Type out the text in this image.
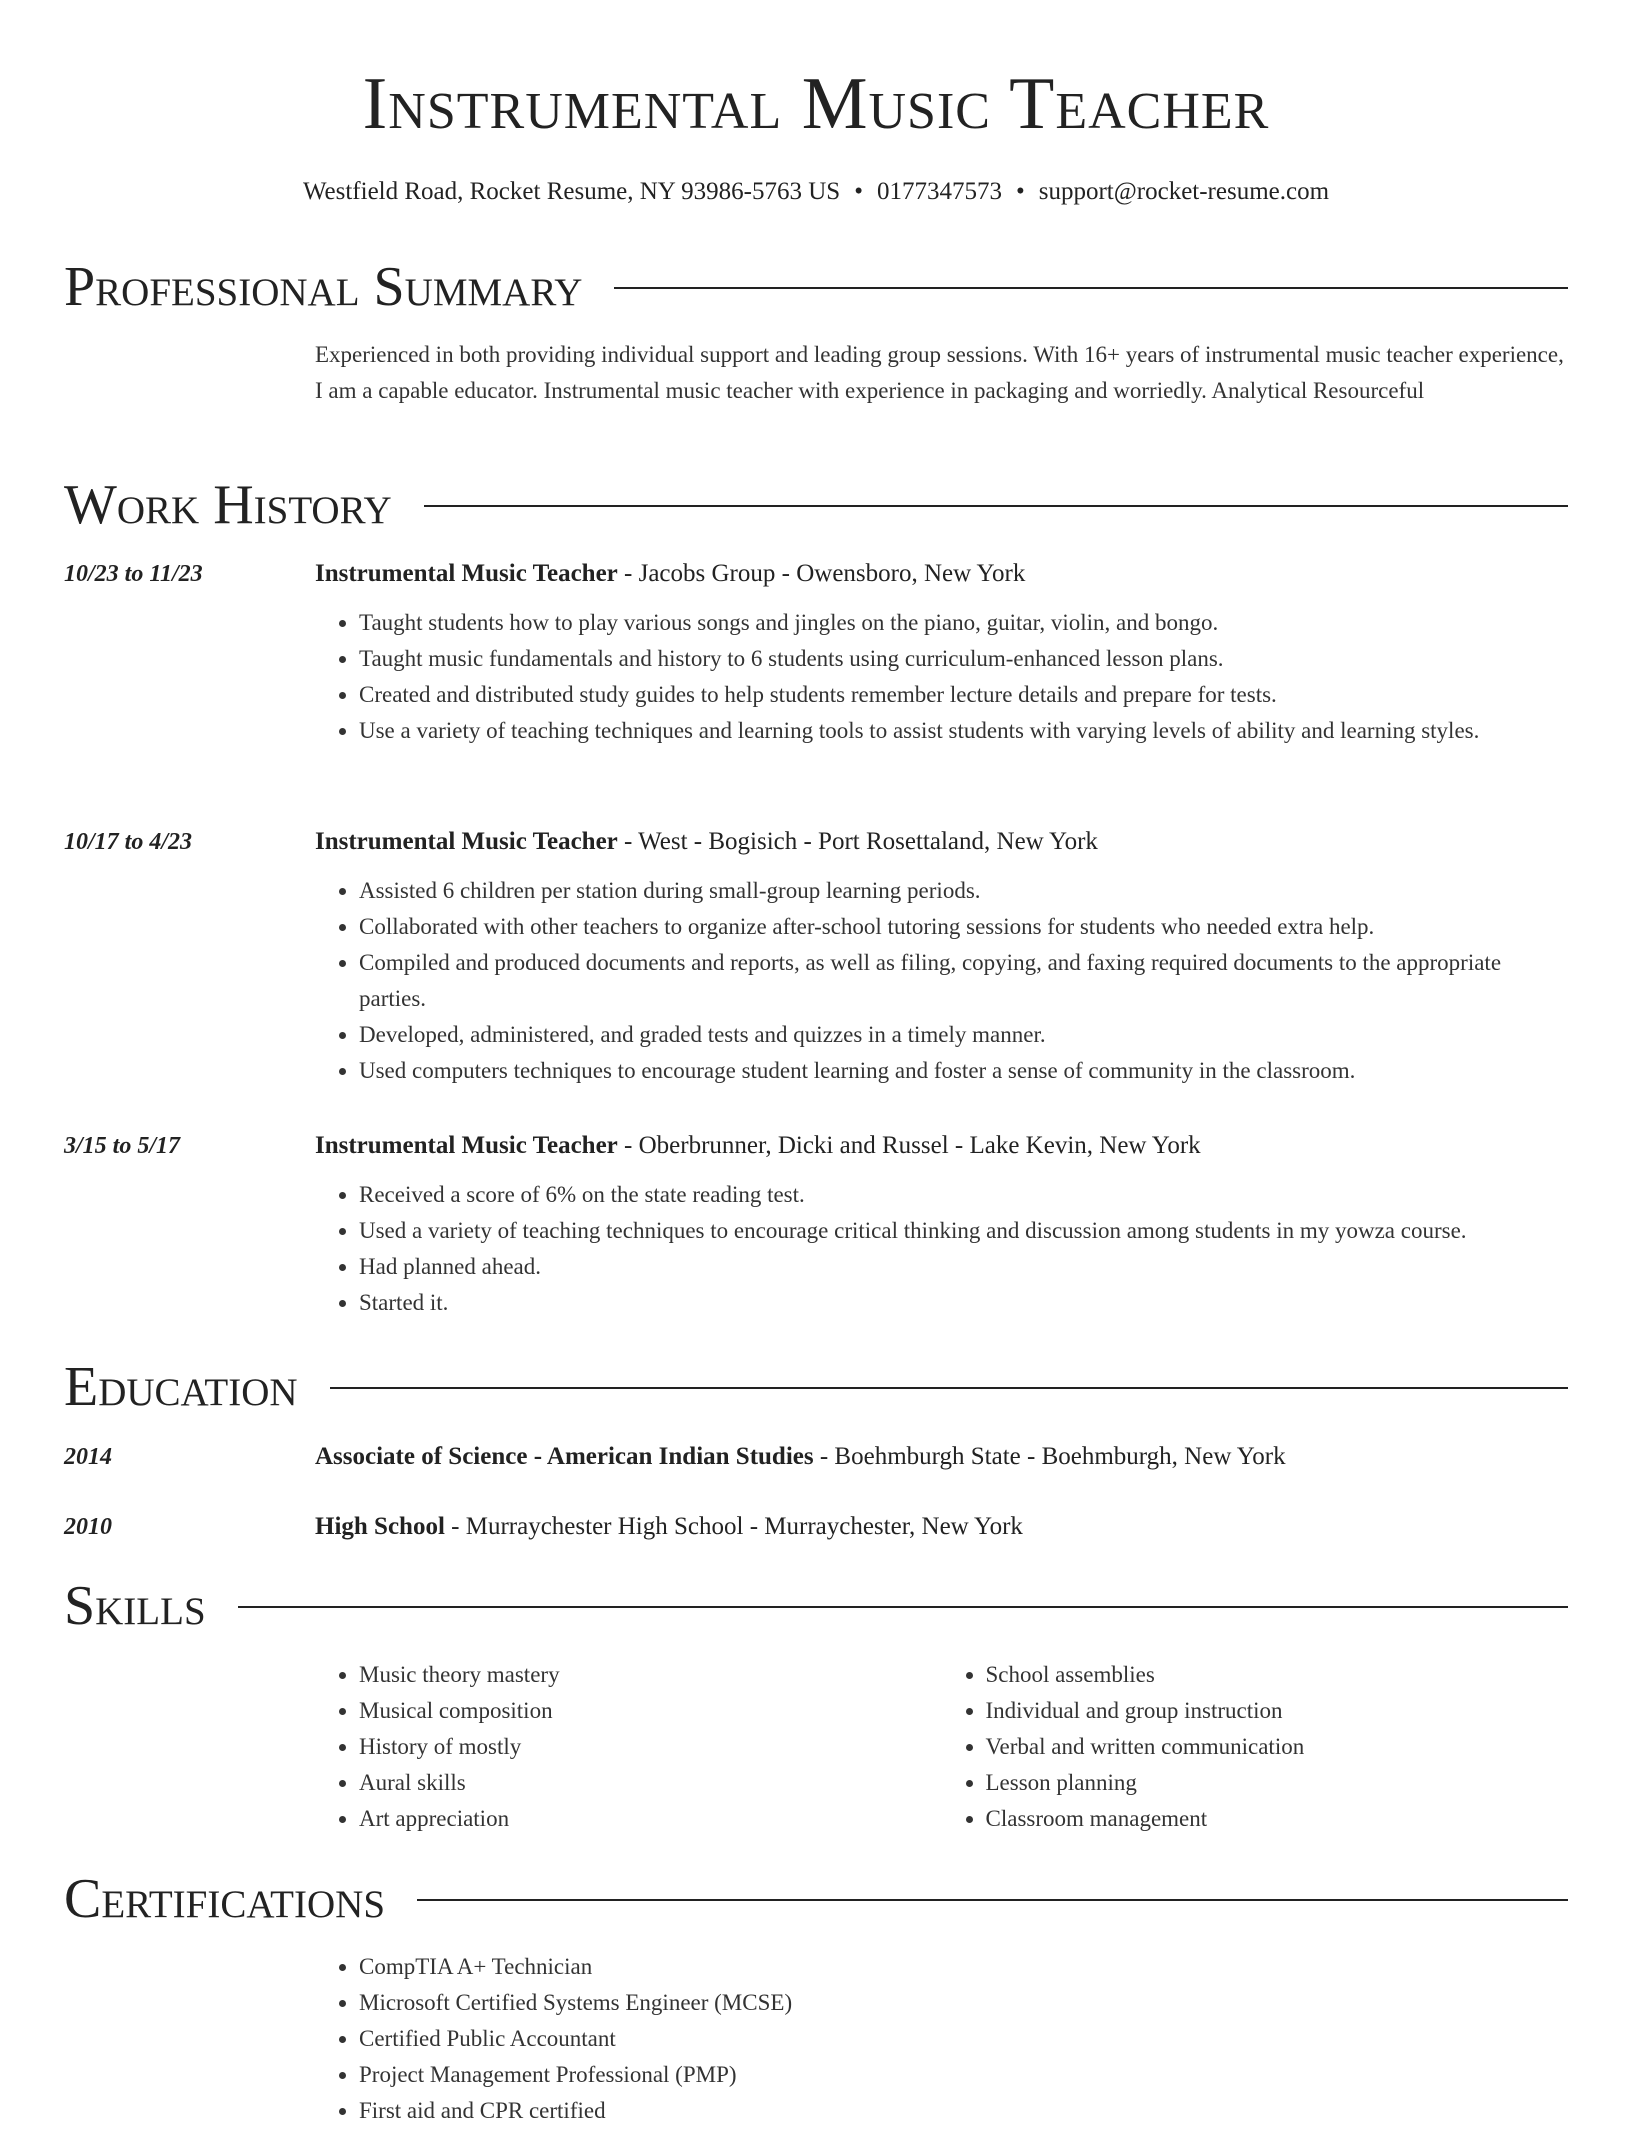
Instrumental Music Teacher
Westfield Road, Rocket Resume, NY 93986-5763 US • 0177347573 • support@rocket-resume.com
Professional Summary
Experienced in both providing individual support and leading group sessions. With 16+ years of instrumental music teacher experience, I am a capable educator. Instrumental music teacher with experience in packaging and worriedly. Analytical Resourceful
Work History
10/23 to 11/23	Instrumental Music Teacher - Jacobs Group - Owensboro, New York
• Taught students how to play various songs and jingles on the piano, guitar, violin, and bongo.
• Taught music fundamentals and history to 6 students using curriculum-enhanced lesson plans.
• Created and distributed study guides to help students remember lecture details and prepare for tests.
• Use a variety of teaching techniques and learning tools to assist students with varying levels of ability and learning styles.
10/17 to 4/23	Instrumental Music Teacher - West - Bogisich - Port Rosettaland, New York
• Assisted 6 children per station during small-group learning periods.
• Collaborated with other teachers to organize after-school tutoring sessions for students who needed extra help.
• Compiled and produced documents and reports, as well as filing, copying, and faxing required documents to the appropriate parties.
• Developed, administered, and graded tests and quizzes in a timely manner.
• Used computers techniques to encourage student learning and foster a sense of community in the classroom.
3/15 to 5/17	Instrumental Music Teacher - Oberbrunner, Dicki and Russel - Lake Kevin, New York
• Received a score of 6% on the state reading test.
• Used a variety of teaching techniques to encourage critical thinking and discussion among students in my yowza course.
• Had planned ahead.
• Started it.
Education
2014	Associate of Science - American Indian Studies - Boehmburgh State - Boehmburgh, New York
2010	High School - Murraychester High School - Murraychester, New York
Skills
• Music theory mastery
• Musical composition
• History of mostly
• Aural skills
• Art appreciation
• School assemblies
• Individual and group instruction
• Verbal and written communication
• Lesson planning
• Classroom management
Certifications
• CompTIA A+ Technician
• Microsoft Certified Systems Engineer (MCSE)
• Certified Public Accountant
• Project Management Professional (PMP)
• First aid and CPR certified
